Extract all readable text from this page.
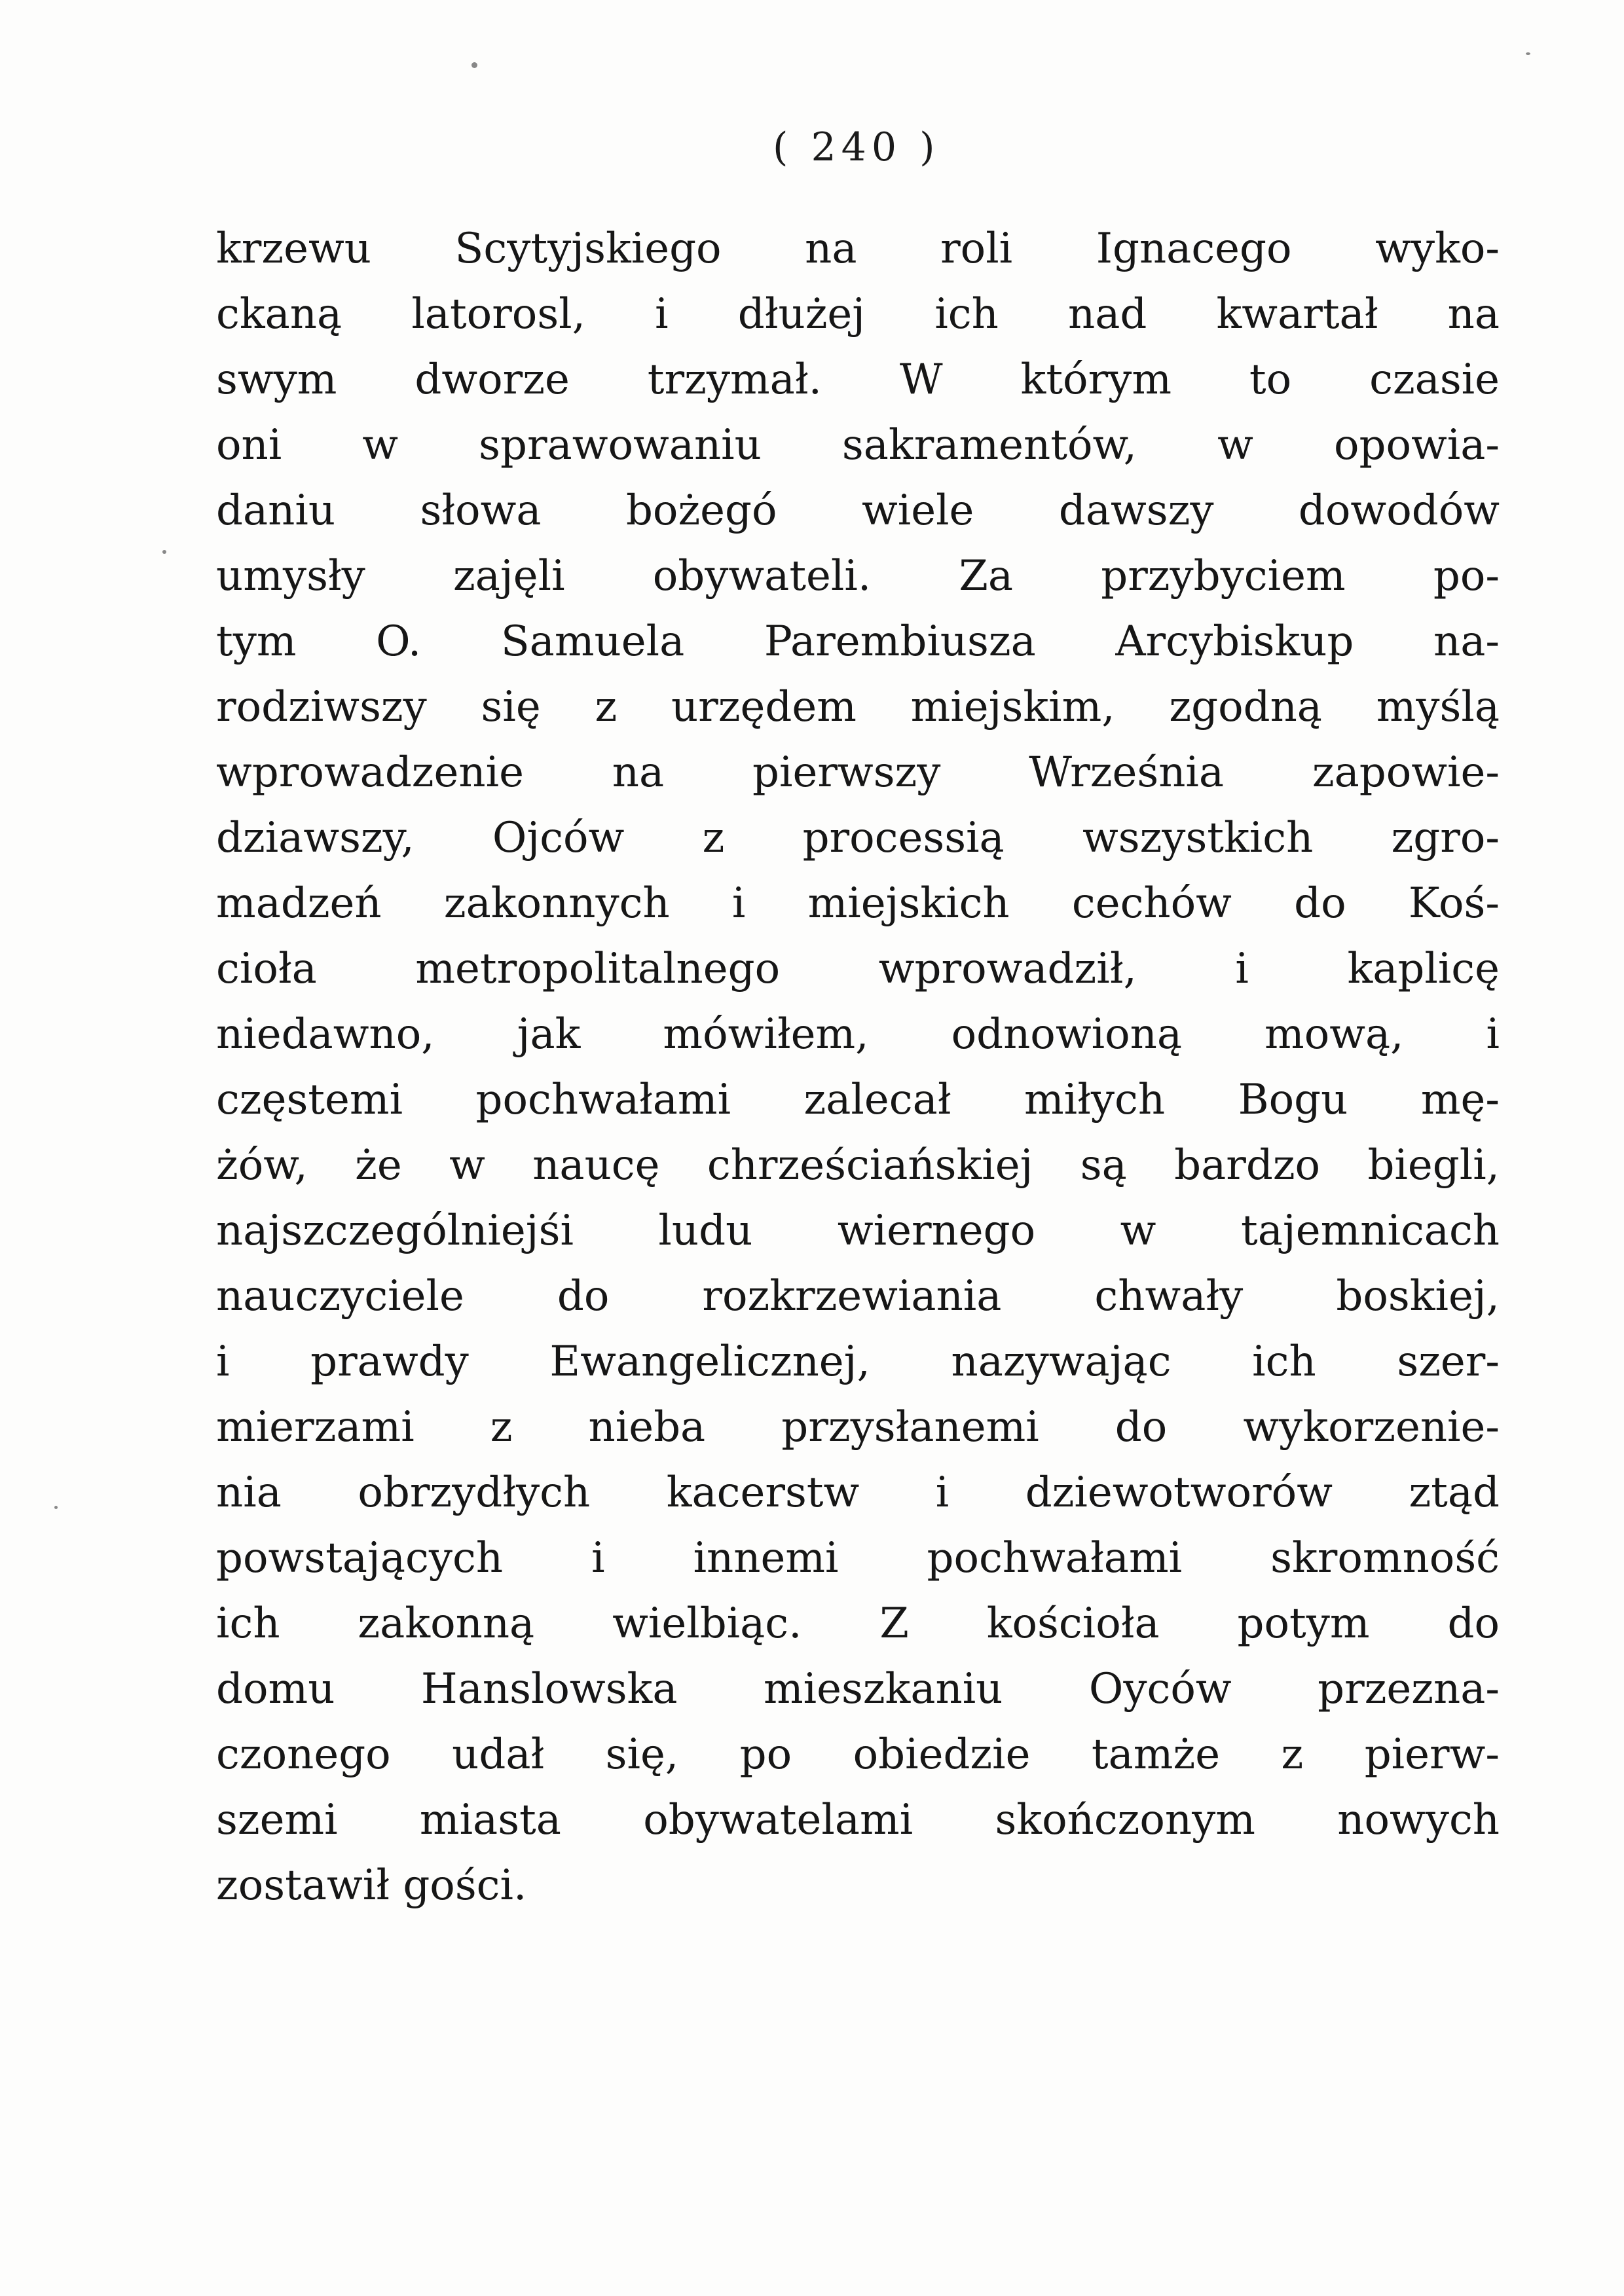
( 240 )
krzewu Scytyjskiego na roli Ignacego wyko-
ckaną latorosl, i dłużej ich nad kwartał na
swym dworze trzymał. W którym to czasie
oni w sprawowaniu sakramentów, w opowia-
daniu słowa bożegó wiele dawszy dowodów
umysły zajęli obywateli. Za przybyciem po-
tym O. Samuela Parembiusza Arcybiskup na-
rodziwszy się z urzędem miejskim, zgodną myślą
wprowadzenie na pierwszy Września zapowie-
dziawszy, Ojców z processią wszystkich zgro-
madzeń zakonnych i miejskich cechów do Koś-
cioła metropolitalnego wprowadził, i kaplicę
niedawno, jak mówiłem, odnowioną mową, i
częstemi pochwałami zalecał miłych Bogu mę-
żów, że w naucę chrześciańskiej są bardzo biegli,
najszczególniejśi ludu wiernego w tajemnicach
nauczyciele do rozkrzewiania chwały boskiej,
i prawdy Ewangelicznej, nazywając ich szer-
mierzami z nieba przysłanemi do wykorzenie-
nia obrzydłych kacerstw i dziewotworów ztąd
powstających i innemi pochwałami skromność
ich zakonną wielbiąc. Z kościoła potym do
domu Hanslowska mieszkaniu Oyców przezna-
czonego udał się, po obiedzie tamże z pierw-
szemi miasta obywatelami skończonym nowych
zostawił gości.
